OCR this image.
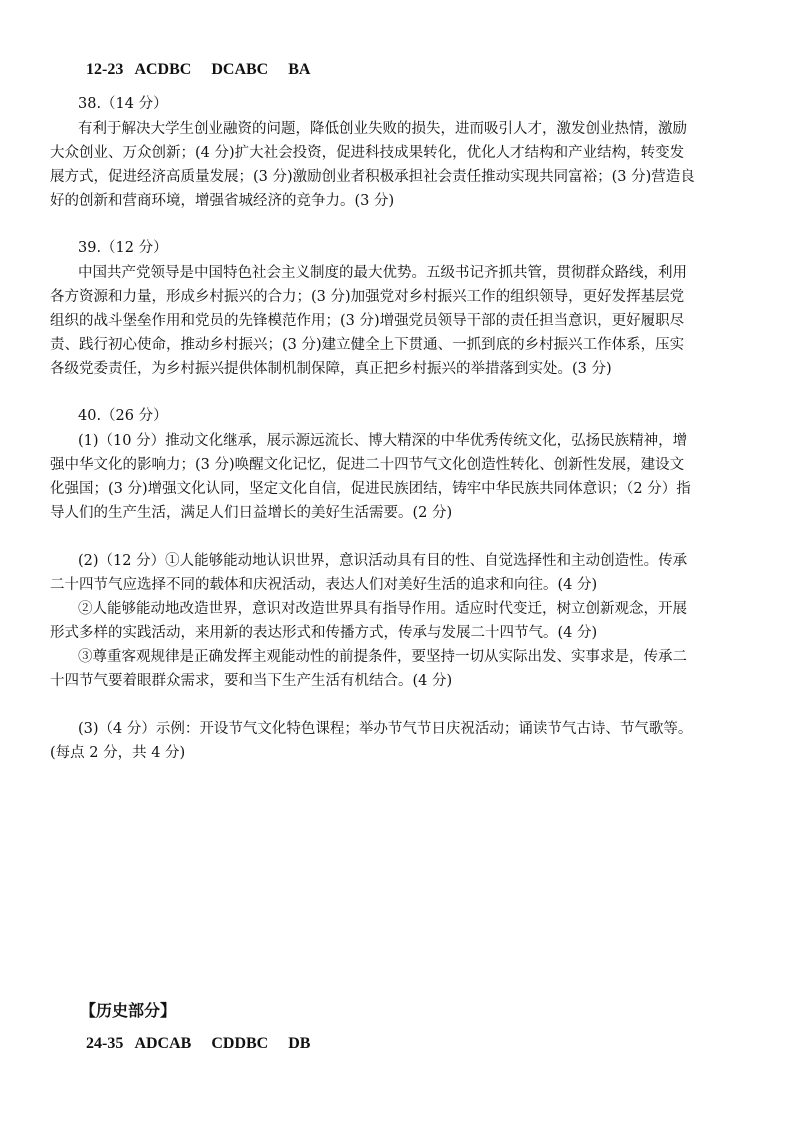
12-23   ACDBC     DCABC     BA
38.（14 分）
有利于解决大学生创业融资的问题，降低创业失败的损失，进而吸引人才，激发创业热情，激励
大众创业、万众创新；(4 分)扩大社会投资，促进科技成果转化，优化人才结构和产业结构，转变发
展方式，促进经济高质量发展；(3 分)激励创业者积极承担社会责任推动实现共同富裕；(3 分)营造良
好的创新和营商环境，增强省城经济的竞争力。(3 分)
39.（12 分）
中国共产党领导是中国特色社会主义制度的最大优势。五级书记齐抓共管，贯彻群众路线，利用
各方资源和力量，形成乡村振兴的合力；(3 分)加强党对乡村振兴工作的组织领导，更好发挥基层党
组织的战斗堡垒作用和党员的先锋模范作用；(3 分)增强党员领导干部的责任担当意识，更好履职尽
责、践行初心使命，推动乡村振兴；(3 分)建立健全上下贯通、一抓到底的乡村振兴工作体系，压实
各级党委责任，为乡村振兴提供体制机制保障，真正把乡村振兴的举措落到实处。(3 分)
40.（26 分）
(1)（10 分）推动文化继承，展示源远流长、博大精深的中华优秀传统文化，弘扬民族精神，增
强中华文化的影响力；(3 分)唤醒文化记忆，促进二十四节气文化创造性转化、创新性发展，建设文
化强国；(3 分)增强文化认同，坚定文化自信，促进民族团结，铸牢中华民族共同体意识；（2 分）指
导人们的生产生活，满足人们日益增长的美好生活需要。(2 分)
(2)（12 分）①人能够能动地认识世界，意识活动具有目的性、自觉选择性和主动创造性。传承
二十四节气应选择不同的载体和庆祝活动，表达人们对美好生活的追求和向往。(4 分)
②人能够能动地改造世界，意识对改造世界具有指导作用。适应时代变迁，树立创新观念，开展
形式多样的实践活动，来用新的表达形式和传播方式，传承与发展二十四节气。(4 分)
③尊重客观规律是正确发挥主观能动性的前提条件，要坚持一切从实际出发、实事求是，传承二
十四节气要着眼群众需求，要和当下生产生活有机结合。(4 分)
(3)（4 分）示例：开设节气文化特色课程；举办节气节日庆祝活动；诵读节气古诗、节气歌等。
(每点 2 分，共 4 分)
【历史部分】
24-35   ADCAB     CDDBC     DB
